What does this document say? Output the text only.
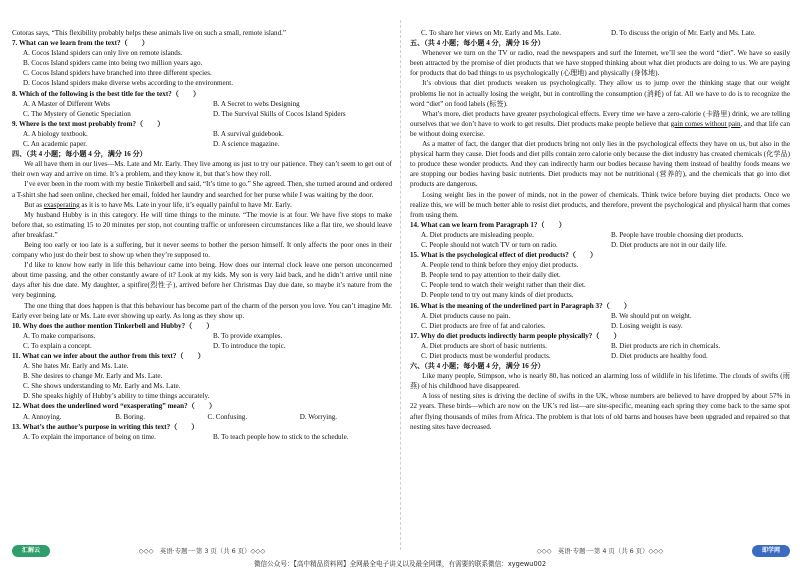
Cotoras says, “This flexibility probably helps these animals live on such a small, remote island.”

7. What can we learn from the text?（　　）

A. Cocos Island spiders can only live on remote islands.

B. Cocos Island spiders came into being two million years ago.

C. Cocos Island spiders have branched into three different species.

D. Cocos Island spiders make diverse webs according to the environment.

8. Which of the following is the best title for the text?（　　）

A. A Master of Different Webs	B. A Secret to webs Designing
C. The Mystery of Genetic Speciation	D. The Survival Skills of Cocos Island Spiders

9. Where is the text most probably from?（　　）

A. A biology textbook.	B. A survival guidebook.
C. An academic paper.	D. A science magazine.

四、（共 4 小题；每小题 4 分，满分 16 分）

We all have them in our lives—Ms. Late and Mr. Early. They live among us just to try our patience. They can’t seem to get out of their own way and arrive on time. It’s a problem, and they know it, but that’s how they roll.

I’ve ever been in the room with my bestie Tinkerbell and said, “It’s time to go.” She agreed. Then, she turned around and ordered a T-shirt she had seen online, checked her email, folded her laundry and searched for her purse while I was waiting by the door.

But as exasperating as it is to have Ms. Late in your life, it’s equally painful to have Mr. Early.

My husband Hubby is in this category. He will time things to the minute. “The movie is at four. We have five stops to make before that, so estimating 15 to 20 minutes per stop, not counting traffic or unforeseen circumstances like a flat tire, we should leave after breakfast.”

Being too early or too late is a suffering, but it never seems to bother the person himself. It only affects the poor ones in their company who just do their best to show up when they’re supposed to.

I’d like to know how early in life this behaviour came into being. How does our internal clock leave one person unconcerned about time passing, and the other constantly aware of it? Look at my kids. My son is very laid back, and he didn’t arrive until nine days after his due date. My daughter, a spitfire(烈性子), arrived before her Christmas Day due date, so maybe it’s nature from the very beginning.

The one thing that does happen is that this behaviour has become part of the charm of the person you love. You can’t imagine Mr. Early ever being late or Ms. Late ever showing up early. As long as they show up.

10. Why does the author mention Tinkerbell and Hubby?（　　）

A. To make comparisons.	B. To provide examples.
C. To explain a concept.	D. To introduce the topic.

11. What can we infer about the author from this text?（　　）

A. She hates Mr. Early and Ms. Late.

B. She desires to change Mr. Early and Ms. Late.

C. She shows understanding to Mr. Early and Ms. Late.

D. She speaks highly of Hubby’s ability to time things accurately.

12. What does the underlined word “exasperating” mean?（　　）

A. Annoying.	B. Boring.	C. Confusing.	D. Worrying.

13. What’s the author’s purpose in writing this text?（　　）

A. To explain the importance of being on time.	B. To teach people how to stick to the schedule.
C. To share her views on Mr. Early and Ms. Late.	D. To discuss the origin of Mr. Early and Ms. Late.

五、（共 4 小题；每小题 4 分，满分 16 分）

Whenever we turn on the TV or radio, read the newspapers and surf the Internet, we’ll see the word “diet”. We have so easily been attracted by the promise of diet products that we have stopped thinking about what diet products are doing to us. We are paying for products that do bad things to us psychologically (心理地) and physically (身体地).

It’s obvious that diet products weaken us psychologically. They allow us to jump over the thinking stage that our weight problems lie not in actually losing the weight, but in controlling the consumption (消耗) of fat. All we have to do is to recognize the word “diet” on food labels (标签).

What’s more, diet products have greater psychological effects. Every time we have a zero-calorie (卡路里) drink, we are telling ourselves that we don’t have to work to get results. Diet products make people believe that gain comes without pain, and that life can be without doing exercise.

As a matter of fact, the danger that diet products bring not only lies in the psychological effects they have on us, but also in the physical harm they cause. Diet foods and diet pills contain zero calorie only because the diet industry has created chemicals (化学品) to produce these wonder products. And they can indirectly harm our bodies because having them instead of healthy foods means we are stopping our bodies having basic nutrients. Diet products may not be nutritional (营养的), and the chemicals that go into diet products are dangerous.

Losing weight lies in the power of minds, not in the power of chemicals. Think twice before buying diet products. Once we realize this, we will be much better able to resist diet products, and therefore, prevent the psychological and physical harm that comes from using them.

14. What can we learn from Paragraph 1?（　　）

A. Diet products are misleading people.	B. People have trouble choosing diet products.
C. People should not watch TV or turn on radio.	D. Diet products are not in our daily life.

15. What is the psychological effect of diet products?（　　）

A. People tend to think before they enjoy diet products.

B. People tend to pay attention to their daily diet.

C. People tend to watch their weight rather than their diet.

D. People tend to try out many kinds of diet products.

16. What is the meaning of the underlined part in Paragraph 3?（　　）

A. Diet products cause no pain.	B. We should put on weight.
C. Diet products are free of fat and calories.	D. Losing weight is easy.

17. Why do diet products indirectly harm people physically?（　　）

A. Diet products are short of basic nutrients.	B. Diet products are rich in chemicals.
C. Diet products must be wonderful products.	D. Diet products are healthy food.

六、（共 4 小题；每小题 4 分，满分 16 分）

Like many people, Stimpson, who is nearly 80, has noticed an alarming loss of wildlife in his lifetime. The clouds of swifts (雨燕) of his childhood have disappeared.

A loss of nesting sites is driving the decline of swifts in the UK, whose numbers are believed to have dropped by about 57% in 22 years. These birds—which are now on the UK’s red list—are site-specific, meaning each spring they come back to the same spot after flying thousands of miles from Africa. The problem is that lots of old barns and houses have been upgraded and repaired so that nesting sites have decreased.

汇解云	◇◇◇　英语·专题一·第 3 页（共 6 页）◇◇◇	◇◇◇　英语·专题一·第 4 页（共 6 页）◇◇◇	即学网
微信公众号：【高中精品资料网】全网最全电子讲义以及最全网课，有需要的联系微信：xygewu002
